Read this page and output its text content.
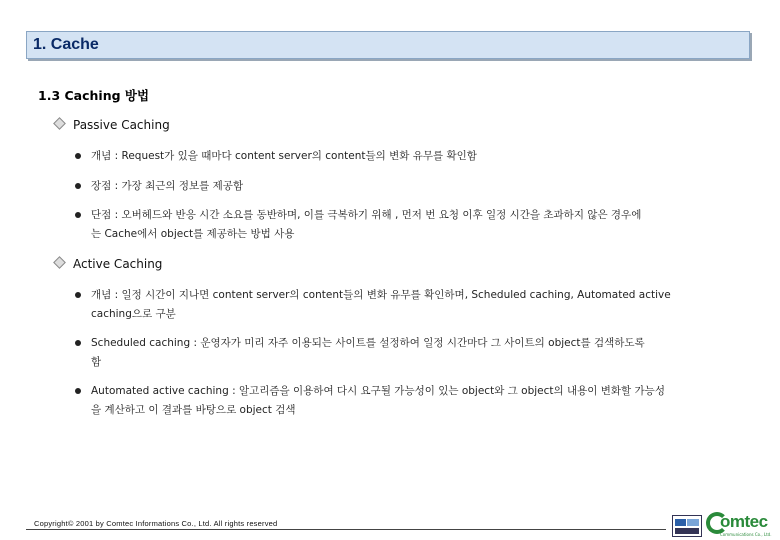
1. Cache
1.3 Caching 방법
Passive Caching
개념 : Request가 있을 때마다 content server의 content들의 변화 유무를 확인함
장점 : 가장 최근의 정보를 제공함
단점 : 오버헤드와 반응 시간 소요를 동반하며, 이를 극복하기 위해 , 먼저 번 요청 이후 일정 시간을 초과하지 않은 경우에
는 Cache에서 object를 제공하는 방법 사용
Active Caching
개념 : 일정 시간이 지나면 content server의 content들의 변화 유무를 확인하며, Scheduled caching, Automated active
caching으로 구분
Scheduled caching : 운영자가 미리 자주 이용되는 사이트를 설정하여 일정 시간마다 그 사이트의 object를 검색하도록
함
Automated active caching : 알고리즘을 이용하여 다시 요구될 가능성이 있는 object와 그 object의 내용이 변화할 가능성
을 계산하고 이 결과를 바탕으로 object 검색
Copyright© 2001 by Comtec Informations Co., Ltd. All rights reserved	omtec
Communications Co., Ltd.
